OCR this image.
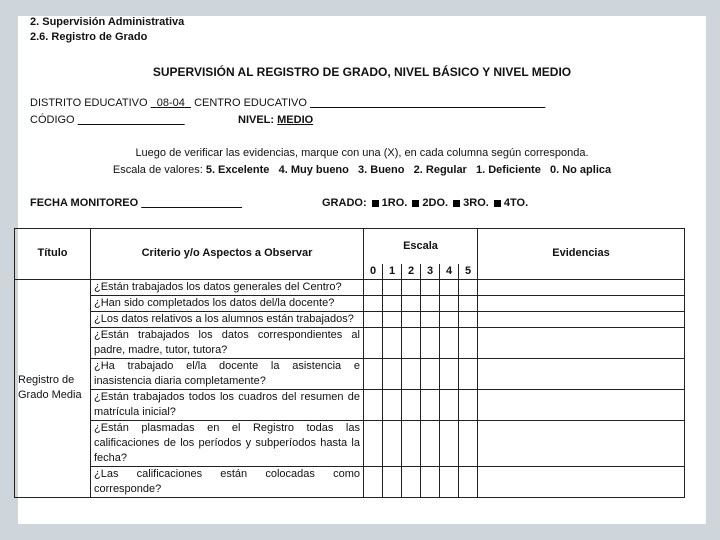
2. Supervisión Administrativa
2.6. Registro de Grado
SUPERVISIÓN AL REGISTRO DE GRADO, NIVEL BÁSICO Y NIVEL MEDIO
DISTRITO EDUCATIVO 08-04 CENTRO EDUCATIVO
CÓDIGO	NIVEL: MEDIO
Luego de verificar las evidencias, marque con una (X), en cada columna según corresponda.
Escala de valores: 5. Excelente   4. Muy bueno   3. Bueno   2. Regular   1. Deficiente   0. No aplica
FECHA MONITOREO	GRADO: 1RO. 2DO. 3RO. 4TO.
Título	Criterio y/o Aspectos a Observar	Escala						Evidencias
		0	1	2	3	4	5	
Registro de Grado Media	¿Están trabajados los datos generales del Centro?							
	¿Han sido completados los datos del/la docente?							
	¿Los datos relativos a los alumnos están trabajados?							
	¿Están trabajados los datos correspondientes al padre, madre, tutor, tutora?							
	¿Ha trabajado el/la docente la asistencia e inasistencia diaria completamente?							
	¿Están trabajados todos los cuadros del resumen de matrícula inicial?							
	¿Están plasmadas en el Registro todas las calificaciones de los períodos y subperíodos hasta la fecha?							
	¿Las calificaciones están colocadas como corresponde?							
